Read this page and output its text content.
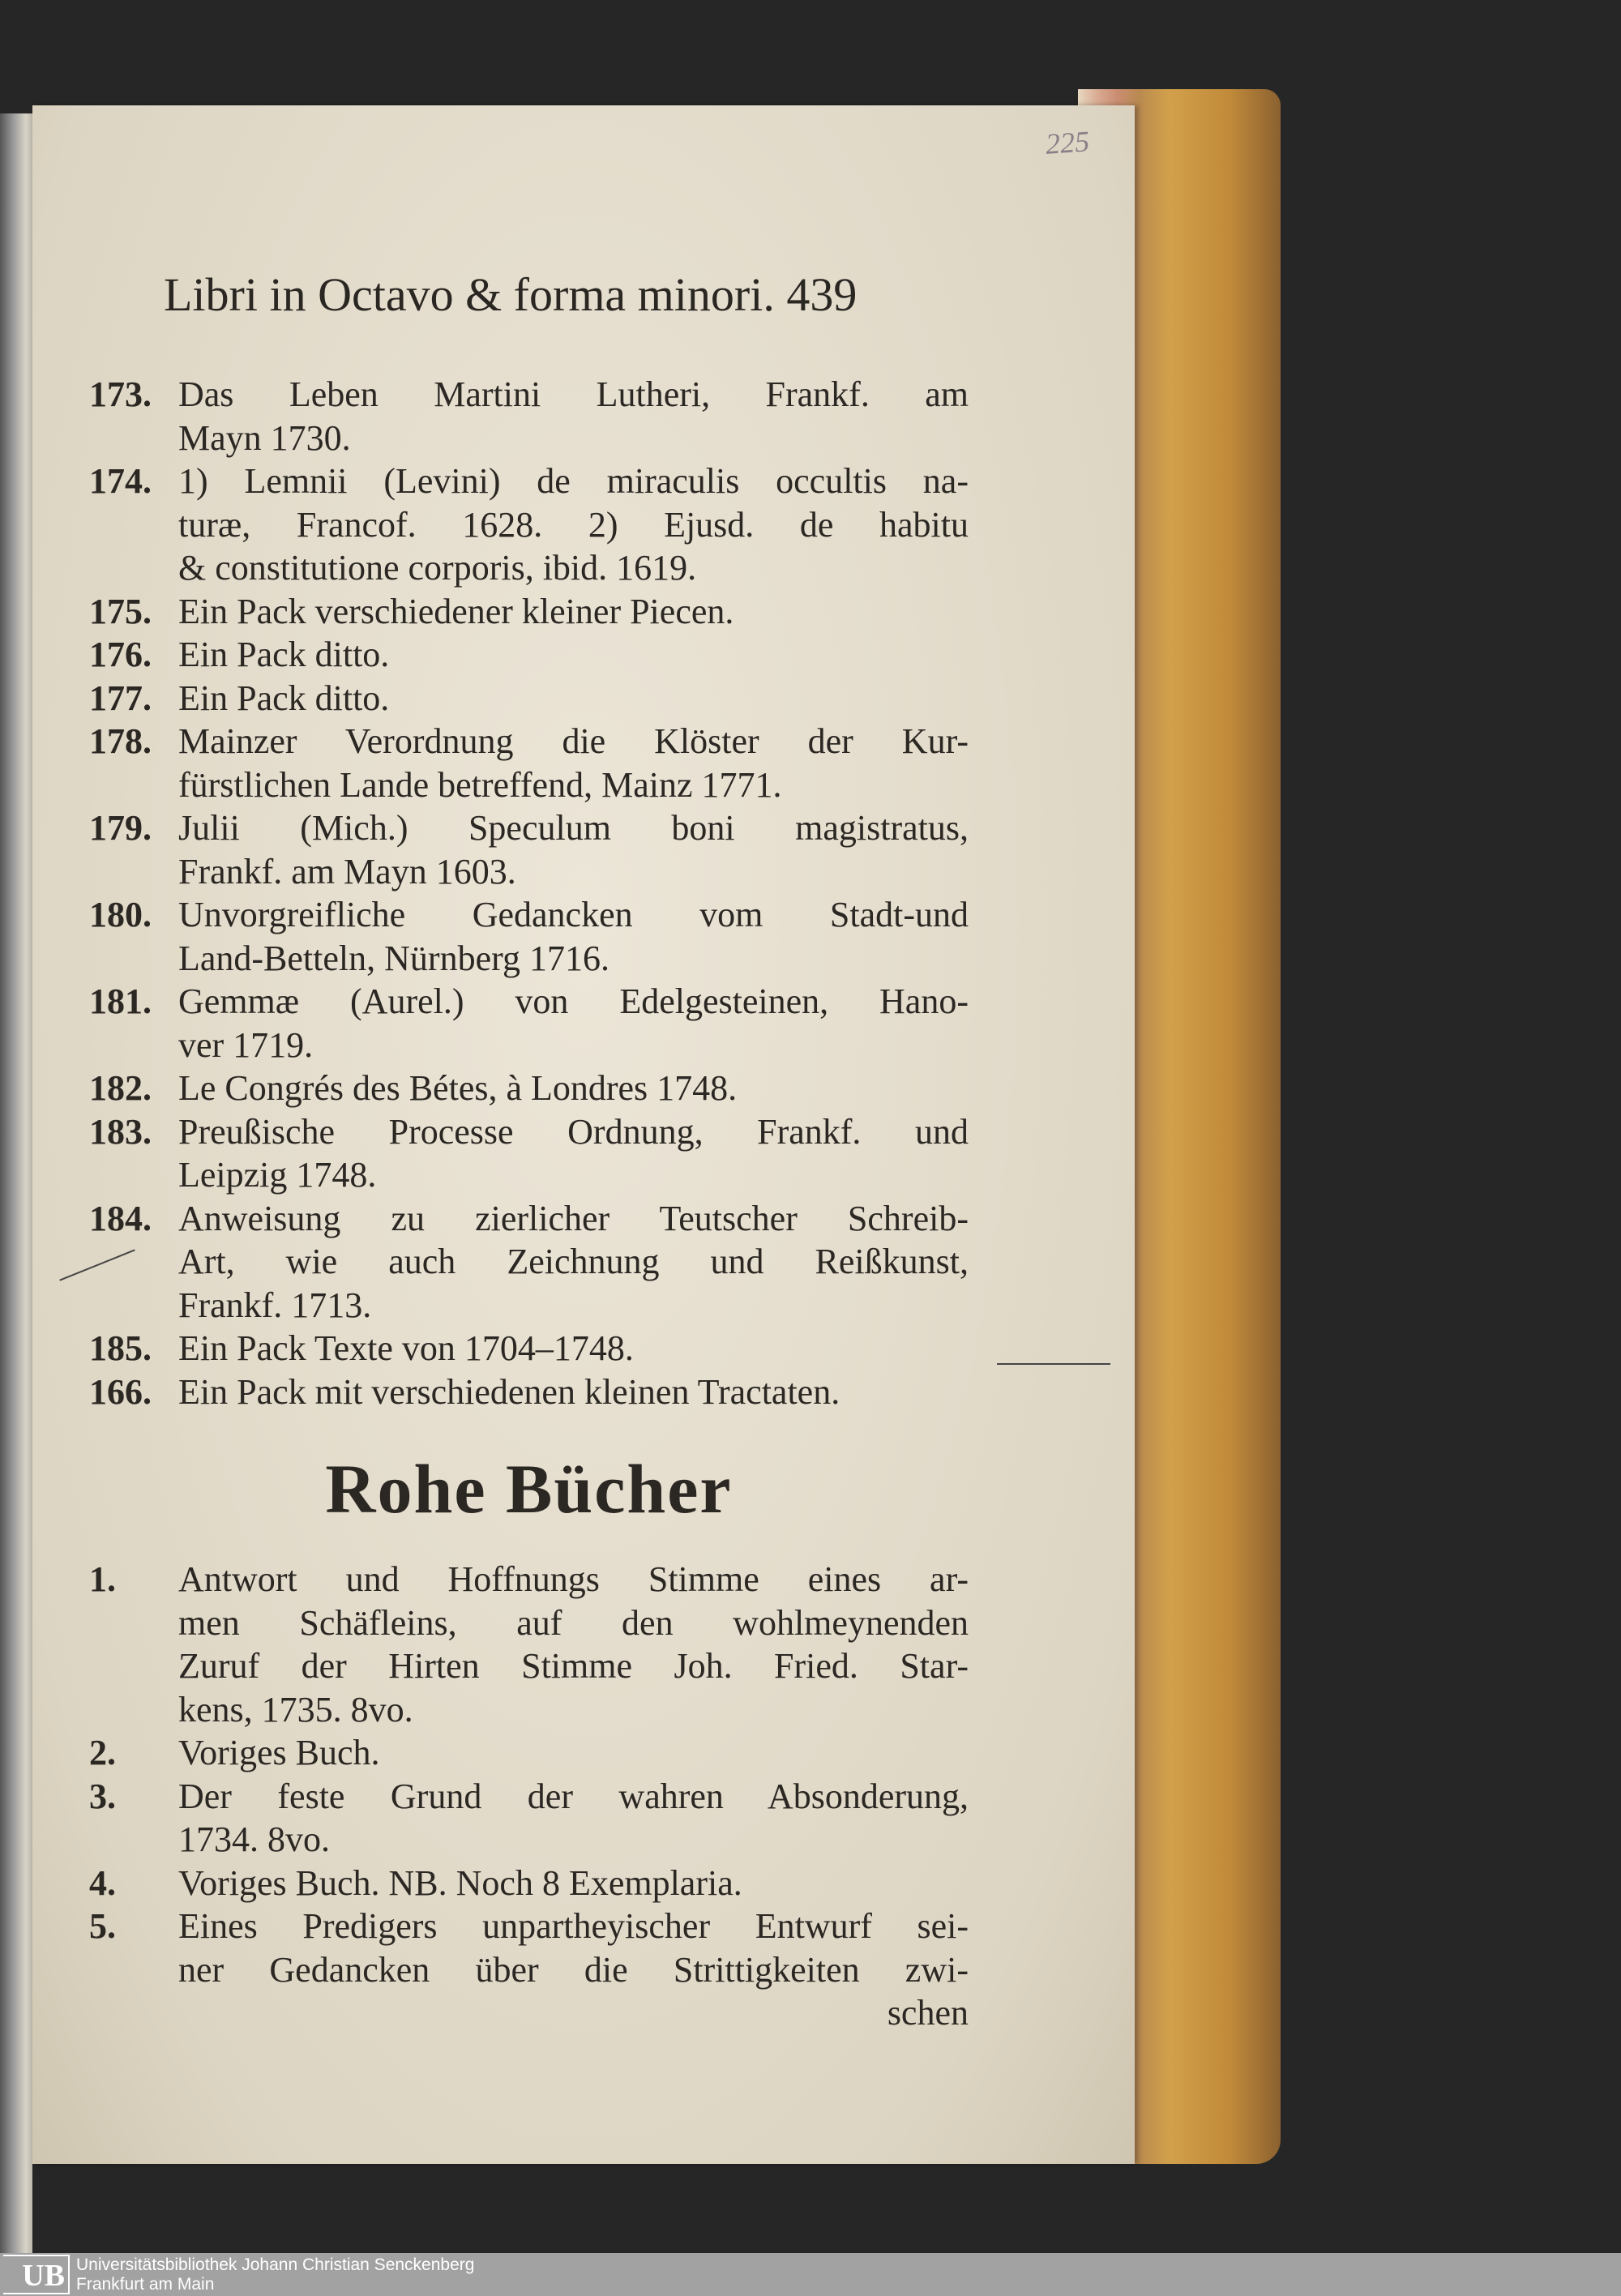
225
Libri in Octavo & forma minori. 439
173. Das Leben Martini Lutheri, Frankf. am
Mayn 1730.
174. 1) Lemnii (Levini) de miraculis occultis na-
turæ, Francof. 1628. 2) Ejusd. de habitu
& constitutione corporis, ibid. 1619.
175. Ein Pack verschiedener kleiner Piecen.
176. Ein Pack ditto.
177. Ein Pack ditto.
178. Mainzer Verordnung die Klöster der Kur-
fürstlichen Lande betreffend, Mainz 1771.
179. Julii (Mich.) Speculum boni magistratus,
Frankf. am Mayn 1603.
180. Unvorgreifliche Gedancken vom Stadt-und
Land-Betteln, Nürnberg 1716.
181. Gemmæ (Aurel.) von Edelgesteinen, Hano-
ver 1719.
182. Le Congrés des Bétes, à Londres 1748.
183. Preußische Processe Ordnung, Frankf. und
Leipzig 1748.
184. Anweisung zu zierlicher Teutscher Schreib-
Art, wie auch Zeichnung und Reißkunst,
Frankf. 1713.
185. Ein Pack Texte von 1704–1748.
166. Ein Pack mit verschiedenen kleinen Tractaten.
Rohe Bücher
1. Antwort und Hoffnungs Stimme eines ar-
men Schäfleins, auf den wohlmeynenden
Zuruf der Hirten Stimme Joh. Fried. Star-
kens, 1735. 8vo.
2. Voriges Buch.
3. Der feste Grund der wahren Absonderung,
1734. 8vo.
4. Voriges Buch. NB. Noch 8 Exemplaria.
5. Eines Predigers unpartheyischer Entwurf sei-
ner Gedancken über die Strittigkeiten zwi-
schen
UB Universitätsbibliothek Johann Christian Senckenberg
Frankfurt am Main
